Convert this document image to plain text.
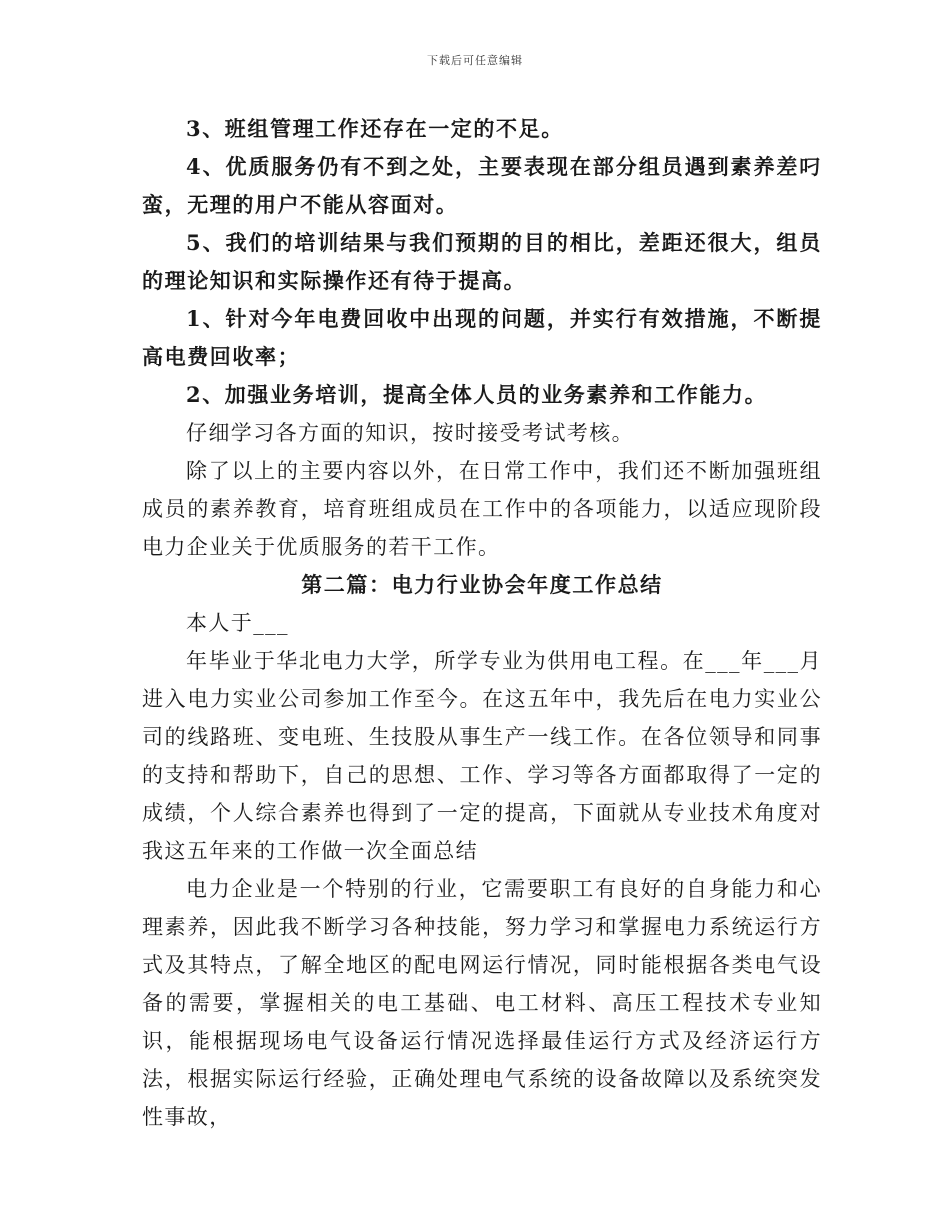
下载后可任意编辑

3、班组管理工作还存在一定的不足。

4、优质服务仍有不到之处，主要表现在部分组员遇到素养差叼蛮，无理的用户不能从容面对。

5、我们的培训结果与我们预期的目的相比，差距还很大，组员的理论知识和实际操作还有待于提高。

1、针对今年电费回收中出现的问题，并实行有效措施，不断提高电费回收率；

2、加强业务培训，提高全体人员的业务素养和工作能力。

仔细学习各方面的知识，按时接受考试考核。

除了以上的主要内容以外，在日常工作中，我们还不断加强班组成员的素养教育，培育班组成员在工作中的各项能力，以适应现阶段电力企业关于优质服务的若干工作。

第二篇：电力行业协会年度工作总结

本人于___

年毕业于华北电力大学，所学专业为供用电工程。在___年___月进入电力实业公司参加工作至今。在这五年中，我先后在电力实业公司的线路班、变电班、生技股从事生产一线工作。在各位领导和同事的支持和帮助下，自己的思想、工作、学习等各方面都取得了一定的成绩，个人综合素养也得到了一定的提高，下面就从专业技术角度对我这五年来的工作做一次全面总结

电力企业是一个特别的行业，它需要职工有良好的自身能力和心理素养，因此我不断学习各种技能，努力学习和掌握电力系统运行方式及其特点，了解全地区的配电网运行情况，同时能根据各类电气设备的需要，掌握相关的电工基础、电工材料、高压工程技术专业知识，能根据现场电气设备运行情况选择最佳运行方式及经济运行方法，根据实际运行经验，正确处理电气系统的设备故障以及系统突发性事故，
